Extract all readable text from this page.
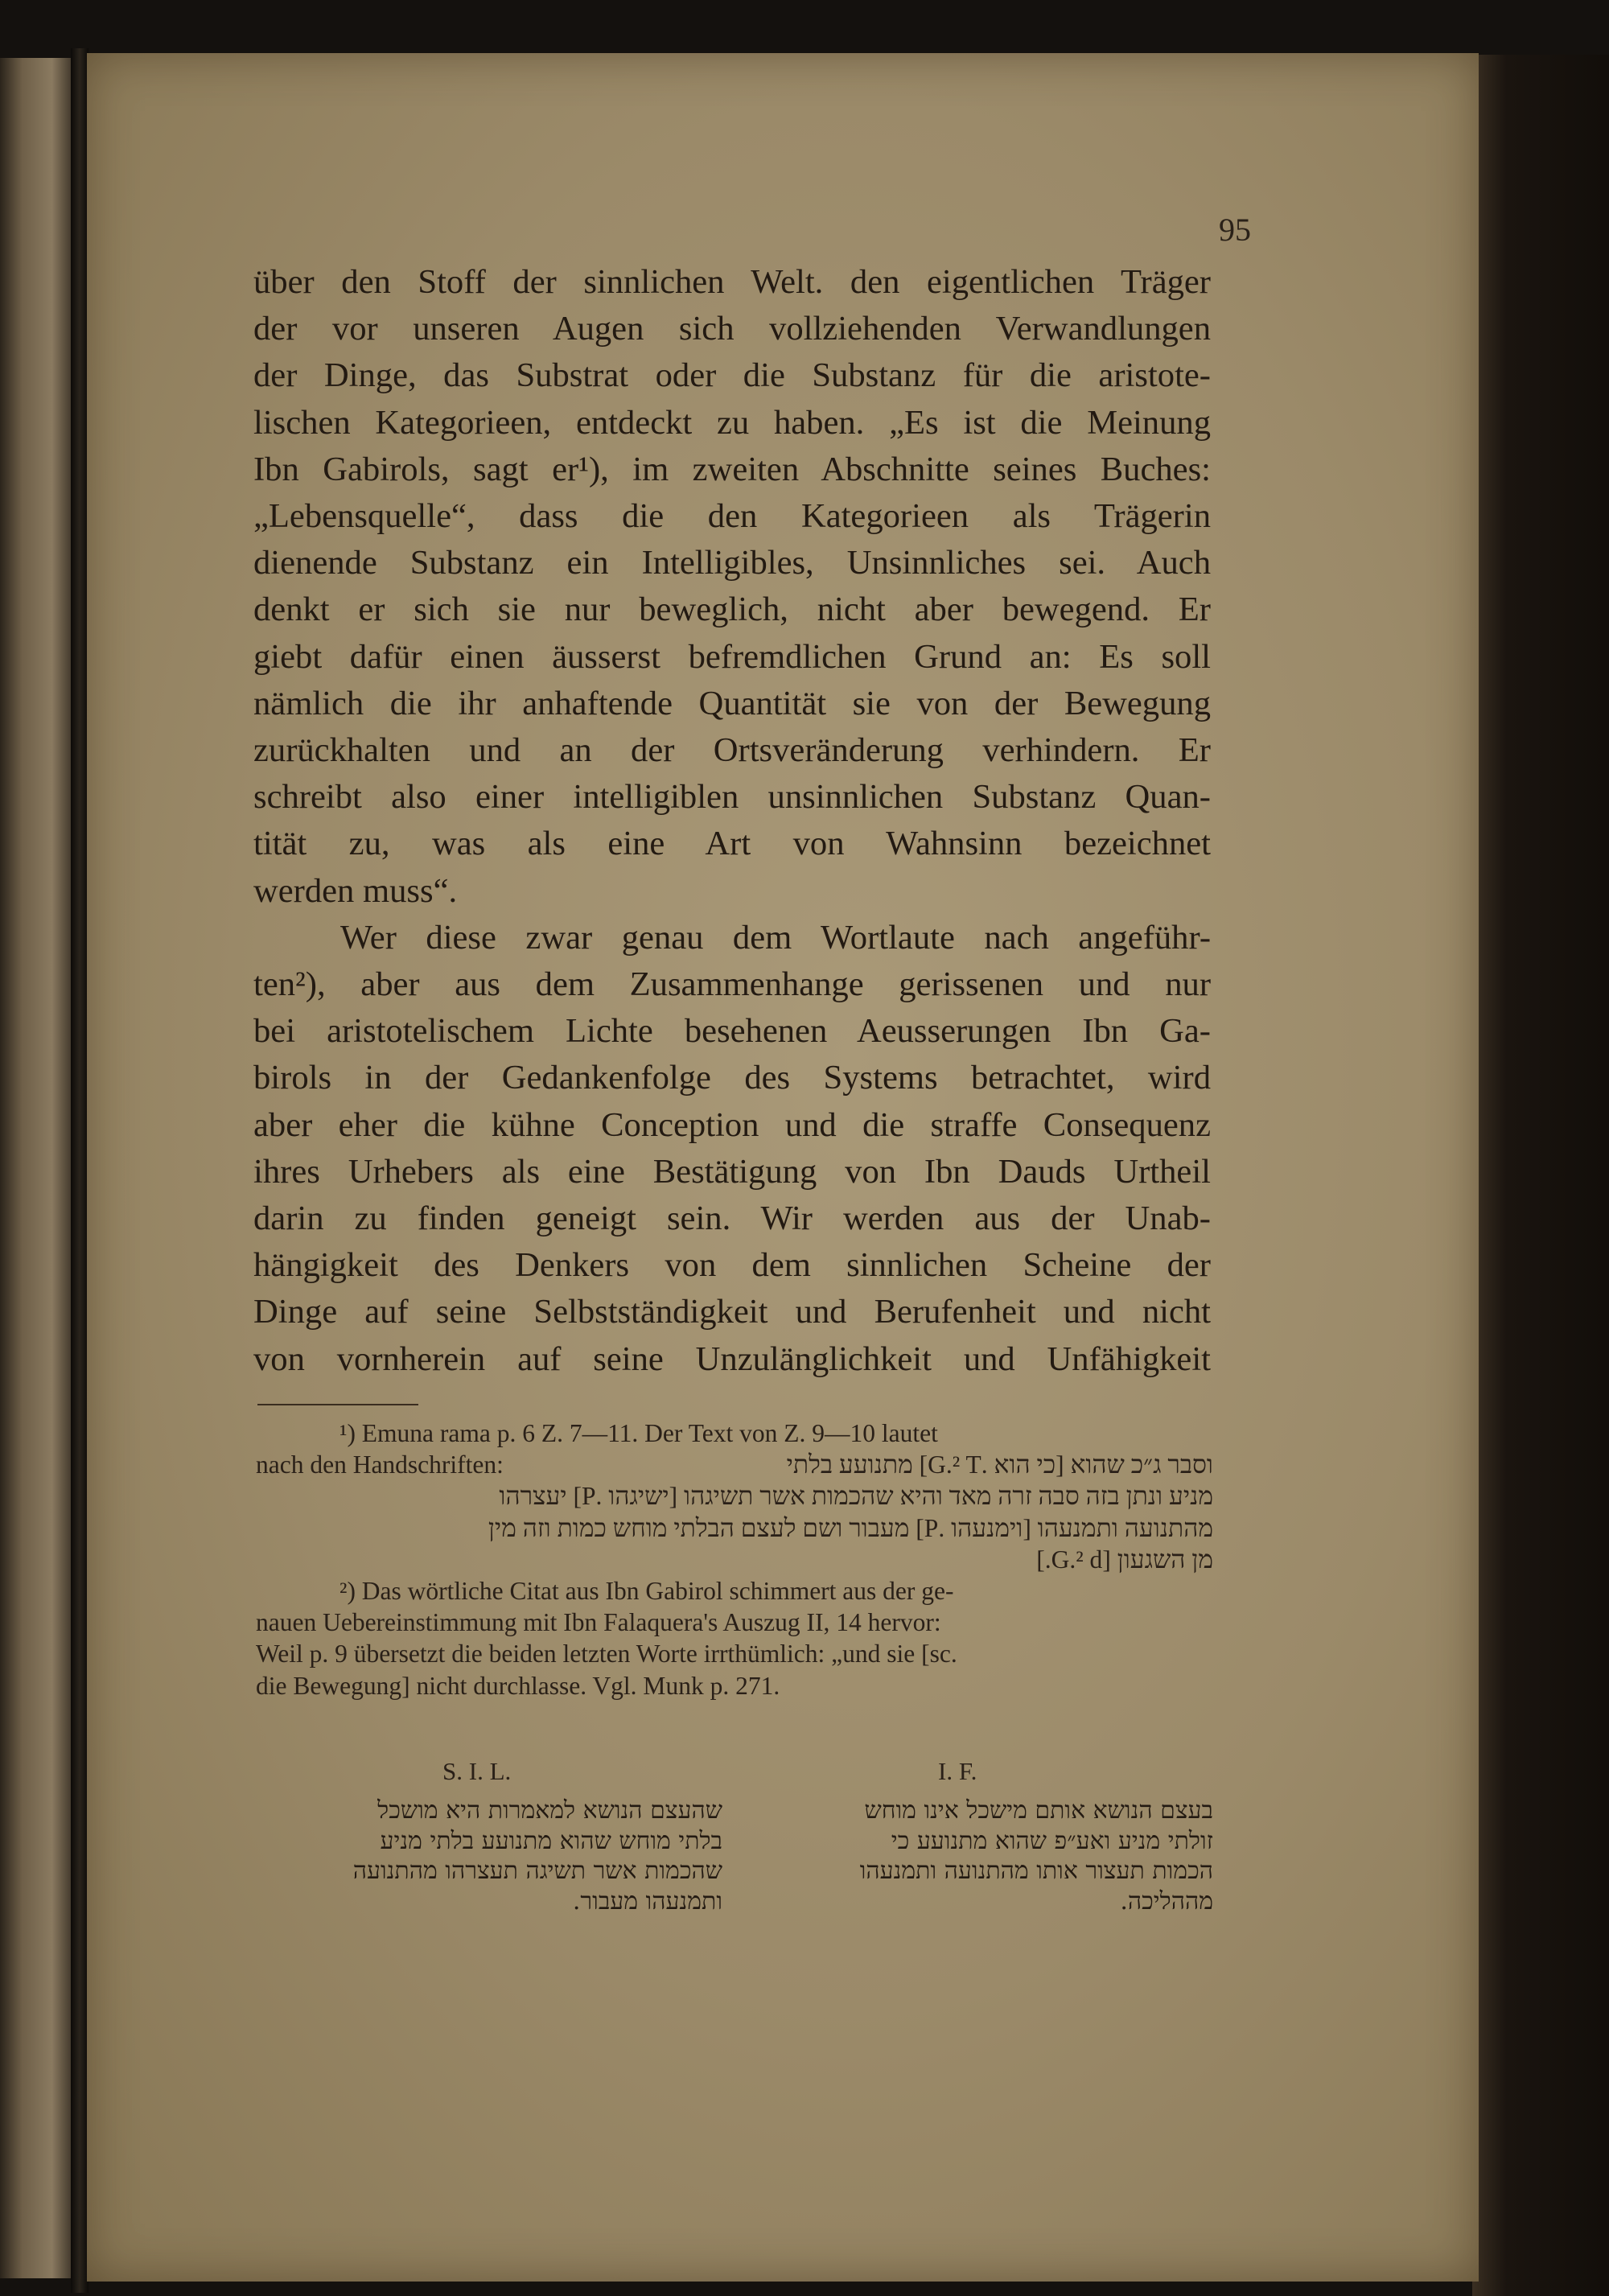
95

über den Stoff der sinnlichen Welt. den eigentlichen Träger

der vor unseren Augen sich vollziehenden Verwandlungen

der Dinge, das Substrat oder die Substanz für die aristote-

lischen Kategorieen, entdeckt zu haben. „Es ist die Meinung

Ibn Gabirols, sagt er¹), im zweiten Abschnitte seines Buches:

„Lebensquelle“, dass die den Kategorieen als Trägerin

dienende Substanz ein Intelligibles, Unsinnliches sei. Auch

denkt er sich sie nur beweglich, nicht aber bewegend. Er

giebt dafür einen äusserst befremdlichen Grund an: Es soll

nämlich die ihr anhaftende Quantität sie von der Bewegung

zurückhalten und an der Ortsveränderung verhindern. Er

schreibt also einer intelligiblen unsinnlichen Substanz Quan-

tität zu, was als eine Art von Wahnsinn bezeichnet

werden muss“.

Wer diese zwar genau dem Wortlaute nach angeführ-

ten²), aber aus dem Zusammenhange gerissenen und nur

bei aristotelischem Lichte besehenen Aeusserungen Ibn Ga-

birols in der Gedankenfolge des Systems betrachtet, wird

aber eher die kühne Conception und die straffe Consequenz

ihres Urhebers als eine Bestätigung von Ibn Dauds Urtheil

darin zu finden geneigt sein. Wir werden aus der Unab-

hängigkeit des Denkers von dem sinnlichen Scheine der

Dinge auf seine Selbstständigkeit und Berufenheit und nicht

von vornherein auf seine Unzulänglichkeit und Unfähigkeit

¹) Emuna rama p. 6 Z. 7—11. Der Text von Z. 9—10 lautet

nach den Handschriften:	וסבר ג״כ שהוא [כי הוא .G.² T] מתנועע בלתי

מניע ונתן בזה סבה זרה מאד והיא שהכמות אשר תשיגהו [ישיגהו .P] יעצרהו

מהתנועה ותמנעהו [וימנעהו .P] מעבור ושם לעצם הבלתי מוחש כמות וזה מין

מן השגעון [G.² d.]

²) Das wörtliche Citat aus Ibn Gabirol schimmert aus der ge-

nauen Uebereinstimmung mit Ibn Falaquera's Auszug II, 14 hervor:

Weil p. 9 übersetzt die beiden letzten Worte irrthümlich: „und sie [sc.

die Bewegung] nicht durchlasse. Vgl. Munk p. 271.

S. I. L.	I. F.

שהעצם הנושא למאמרות היא מושכל

בלתי מוחש שהוא מתנועע בלתי מניע

שהכמות אשר תשיגה תעצרהו מהתנועה

ותמנעהו מעבור.

בעצם הנושא אותם מישכל אינו מוחש

זולתי מניע ואע״פ שהוא מתנועע כי

הכמות תעצור אותו מהתנועה ותמנעהו

מההליכה.
